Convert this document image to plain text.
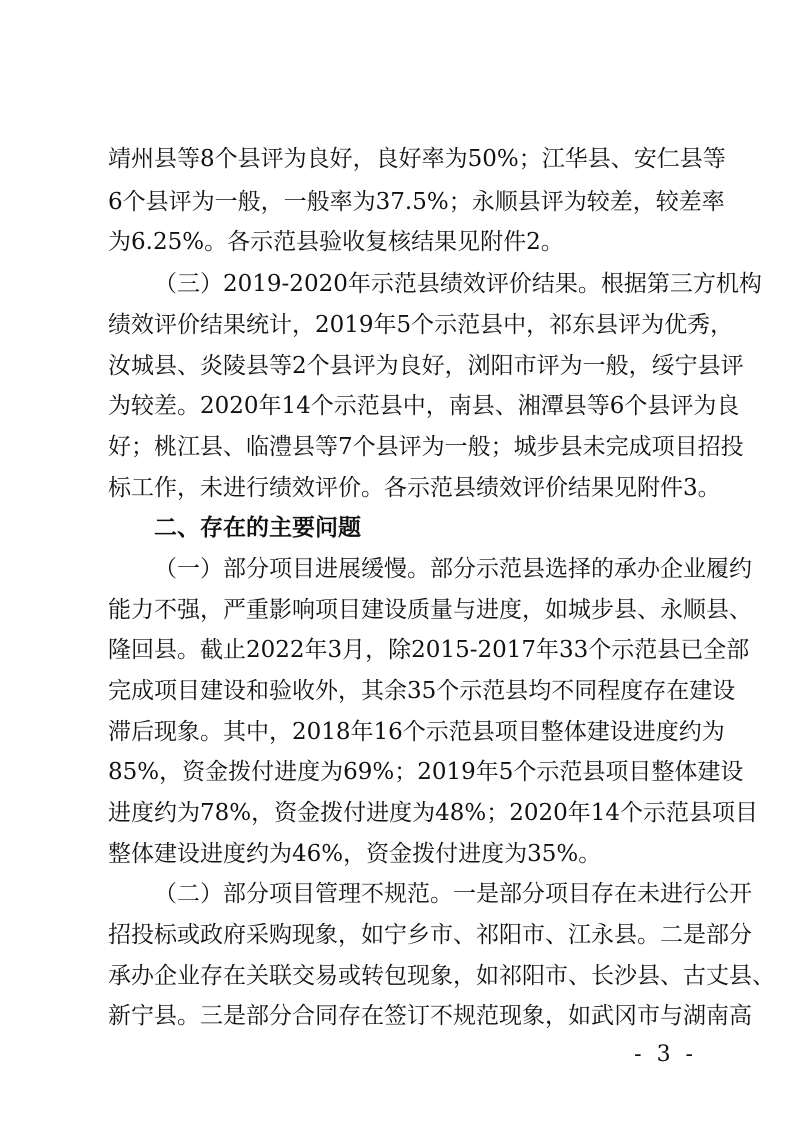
靖州县等8个县评为良好，良好率为50%；江华县、安仁县等
6个县评为一般，一般率为37.5%；永顺县评为较差，较差率
为6.25%。各示范县验收复核结果见附件2。
（三）2019-2020年示范县绩效评价结果。根据第三方机构
绩效评价结果统计，2019年5个示范县中，祁东县评为优秀，
汝城县、炎陵县等2个县评为良好，浏阳市评为一般，绥宁县评
为较差。2020年14个示范县中，南县、湘潭县等6个县评为良
好；桃江县、临澧县等7个县评为一般；城步县未完成项目招投
标工作，未进行绩效评价。各示范县绩效评价结果见附件3。
二、存在的主要问题
（一）部分项目进展缓慢。部分示范县选择的承办企业履约
能力不强，严重影响项目建设质量与进度，如城步县、永顺县、
隆回县。截止2022年3月，除2015-2017年33个示范县已全部
完成项目建设和验收外，其余35个示范县均不同程度存在建设
滞后现象。其中，2018年16个示范县项目整体建设进度约为
85%，资金拨付进度为69%；2019年5个示范县项目整体建设
进度约为78%，资金拨付进度为48%；2020年14个示范县项目
整体建设进度约为46%，资金拨付进度为35%。
（二）部分项目管理不规范。一是部分项目存在未进行公开
招投标或政府采购现象，如宁乡市、祁阳市、江永县。二是部分
承办企业存在关联交易或转包现象，如祁阳市、长沙县、古丈县、
新宁县。三是部分合同存在签订不规范现象，如武冈市与湖南高
- 3 -
